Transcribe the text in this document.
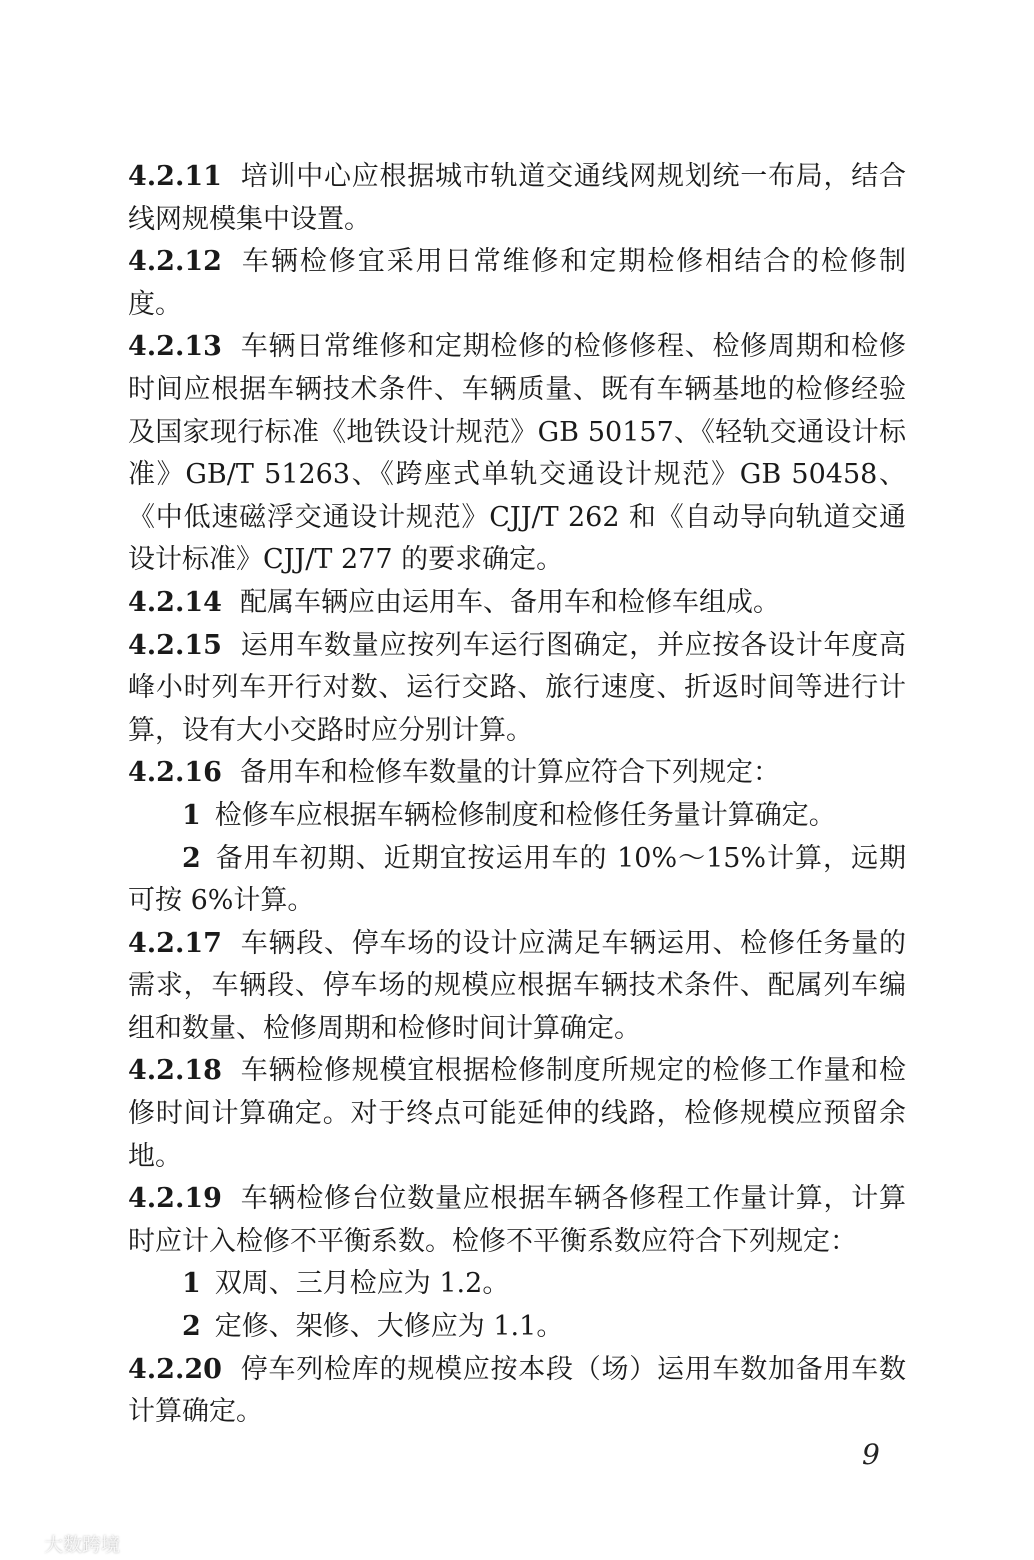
4.2.11 培训中心应根据城市轨道交通线网规划统一布局，结合线网规模集中设置。

4.2.12 车辆检修宜采用日常维修和定期检修相结合的检修制度。

4.2.13 车辆日常维修和定期检修的检修修程、检修周期和检修时间应根据车辆技术条件、车辆质量、既有车辆基地的检修经验及国家现行标准《地铁设计规范》GB 50157、《轻轨交通设计标准》GB/T 51263、《跨座式单轨交通设计规范》GB 50458、《中低速磁浮交通设计规范》CJJ/T 262 和《自动导向轨道交通设计标准》CJJ/T 277 的要求确定。

4.2.14 配属车辆应由运用车、备用车和检修车组成。

4.2.15 运用车数量应按列车运行图确定，并应按各设计年度高峰小时列车开行对数、运行交路、旅行速度、折返时间等进行计算，设有大小交路时应分别计算。

4.2.16 备用车和检修车数量的计算应符合下列规定：

1 检修车应根据车辆检修制度和检修任务量计算确定。

2 备用车初期、近期宜按运用车的 10%～15%计算，远期可按 6%计算。

4.2.17 车辆段、停车场的设计应满足车辆运用、检修任务量的需求，车辆段、停车场的规模应根据车辆技术条件、配属列车编组和数量、检修周期和检修时间计算确定。

4.2.18 车辆检修规模宜根据检修制度所规定的检修工作量和检修时间计算确定。对于终点可能延伸的线路，检修规模应预留余地。

4.2.19 车辆检修台位数量应根据车辆各修程工作量计算，计算时应计入检修不平衡系数。检修不平衡系数应符合下列规定：

1 双周、三月检应为 1.2。

2 定修、架修、大修应为 1.1。

4.2.20 停车列检库的规模应按本段（场）运用车数加备用车数计算确定。

9
大数跨境
